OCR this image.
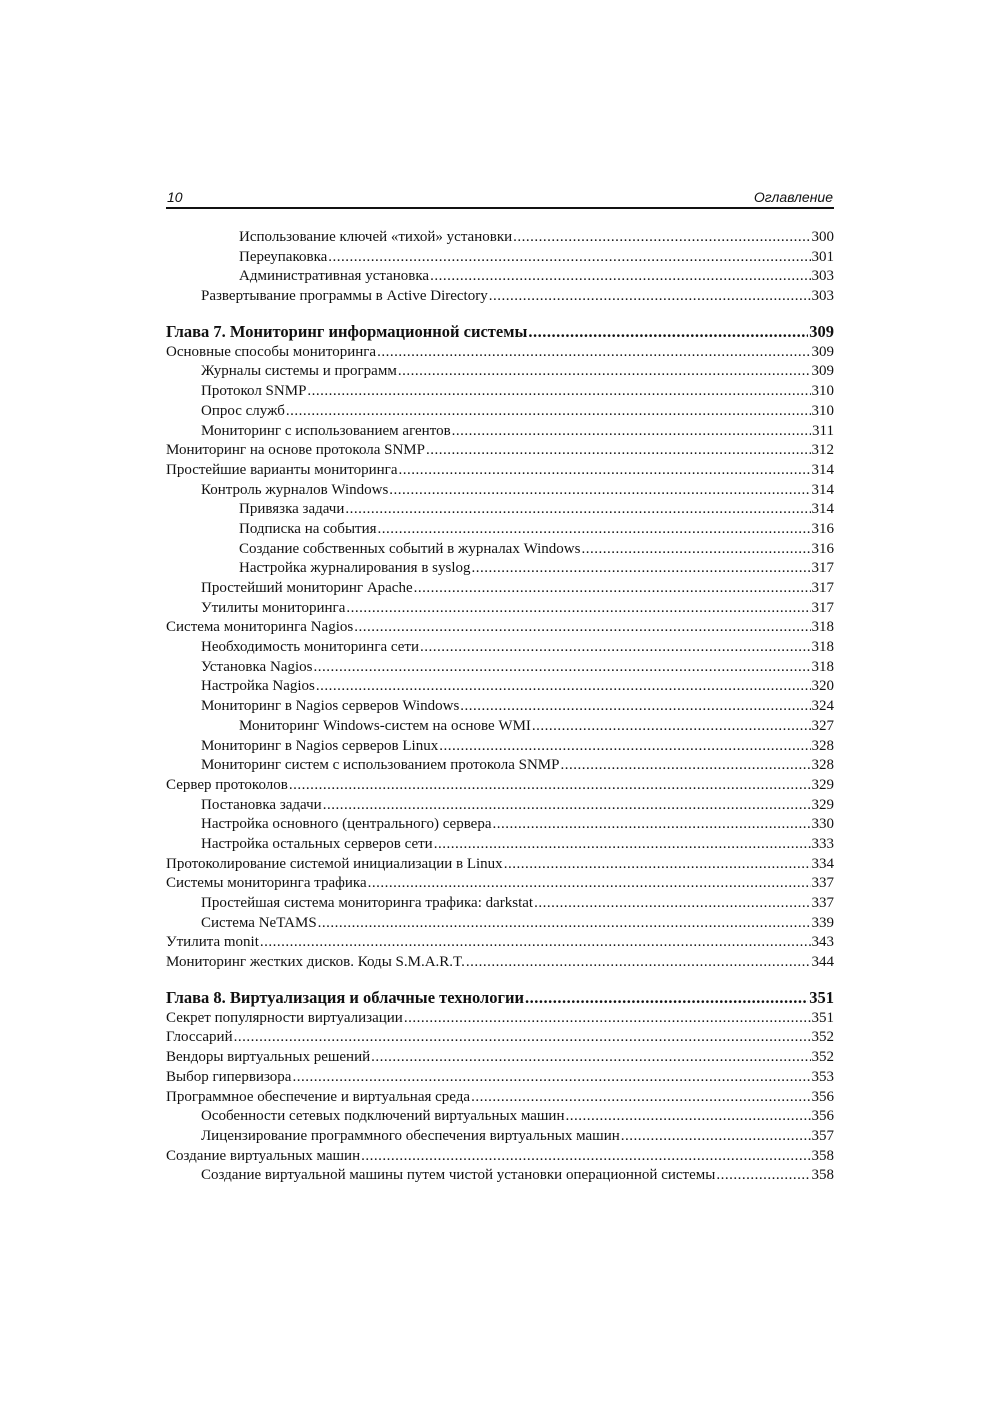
10	Оглавление
Использование ключей «тихой» установки .....	300
Переупаковка .....	301
Административная установка .....	303
Развертывание программы в Active Directory .....	303
Глава 7. Мониторинг информационной системы .....	309
Основные способы мониторинга .....	309
Журналы системы и программ .....	309
Протокол SNMP .....	310
Опрос служб .....	310
Мониторинг с использованием агентов .....	311
Мониторинг на основе протокола SNMP .....	312
Простейшие варианты мониторинга .....	314
Контроль журналов Windows .....	314
Привязка задачи .....	314
Подписка на события .....	316
Создание собственных событий в журналах Windows .....	316
Настройка журналирования в syslog .....	317
Простейший мониторинг Apache .....	317
Утилиты мониторинга .....	317
Система мониторинга Nagios .....	318
Необходимость мониторинга сети .....	318
Установка Nagios .....	318
Настройка Nagios .....	320
Мониторинг в Nagios серверов Windows .....	324
Мониторинг Windows-систем на основе WMI .....	327
Мониторинг в Nagios серверов Linux .....	328
Мониторинг систем с использованием протокола SNMP .....	328
Сервер протоколов .....	329
Постановка задачи .....	329
Настройка основного (центрального) сервера .....	330
Настройка остальных серверов сети .....	333
Протоколирование системой инициализации в Linux .....	334
Системы мониторинга трафика .....	337
Простейшая система мониторинга трафика: darkstat .....	337
Система NeTAMS .....	339
Утилита monit .....	343
Мониторинг жестких дисков. Коды S.M.A.R.T. .....	344
Глава 8. Виртуализация и облачные технологии .....	351
Секрет популярности виртуализации .....	351
Глоссарий .....	352
Вендоры виртуальных решений .....	352
Выбор гипервизора .....	353
Программное обеспечение и виртуальная среда .....	356
Особенности сетевых подключений виртуальных машин .....	356
Лицензирование программного обеспечения виртуальных машин .....	357
Создание виртуальных машин .....	358
Создание виртуальной машины путем чистой установки операционной системы .....	358
